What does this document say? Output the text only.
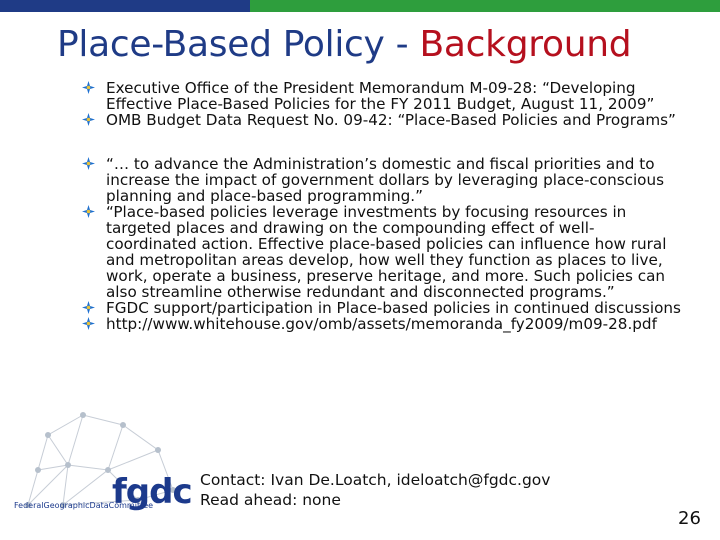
Place-Based Policy - Background
Executive Office of the President Memorandum M-09-28: “Developing Effective Place-Based Policies for the FY 2011 Budget, August 11, 2009”
OMB Budget Data Request No. 09-42: “Place-Based Policies and Programs”
“… to advance the Administration’s domestic and fiscal priorities and to increase the impact of government dollars by leveraging place-conscious planning and place-based programming.”
“Place-based policies leverage investments by focusing resources in targeted places and drawing on the compounding effect of well-coordinated action. Effective place-based policies can influence how rural and metropolitan areas develop, how well they function as places to live, work, operate a business, preserve heritage, and more. Such policies can also streamline otherwise redundant and disconnected programs.”
FGDC support/participation in Place-based policies in continued discussions
http://www.whitehouse.gov/omb/assets/memoranda_fy2009/m09-28.pdf
fgdc
FederalGeographicDataCommittee
Contact: Ivan De.Loatch, ideloatch@fgdc.gov
Read ahead: none
26
